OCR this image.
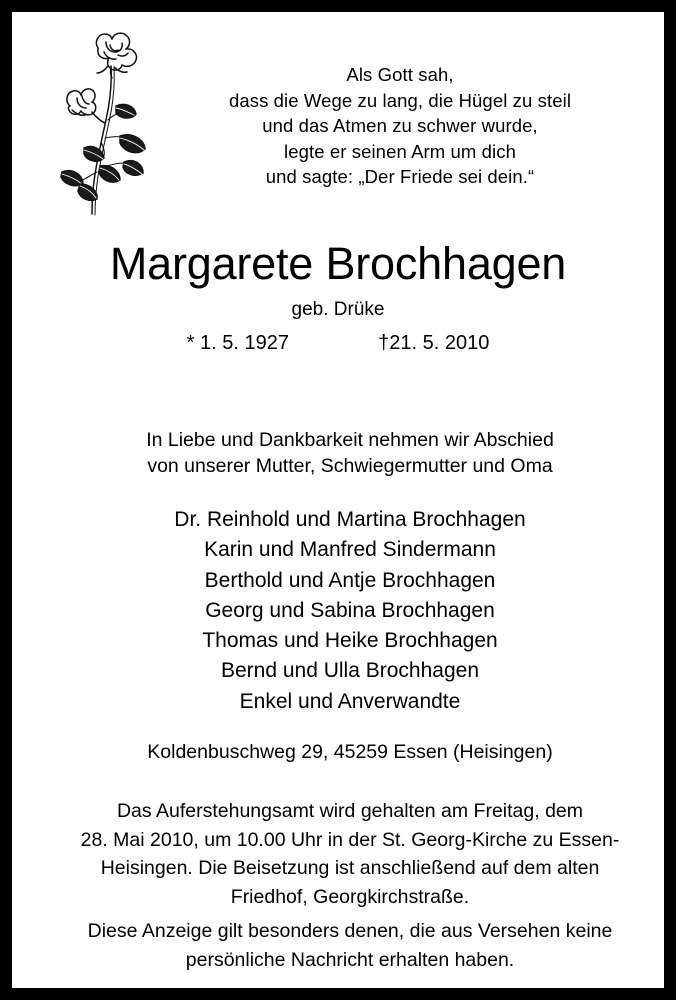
Als Gott sah,
dass die Wege zu lang, die Hügel zu steil
und das Atmen zu schwer wurde,
legte er seinen Arm um dich
und sagte: „Der Friede sei dein.“
Margarete Brochhagen
geb. Drüke
* 1. 5. 1927	†21. 5. 2010
In Liebe und Dankbarkeit nehmen wir Abschied
von unserer Mutter, Schwiegermutter und Oma
Dr. Reinhold und Martina Brochhagen
Karin und Manfred Sindermann
Berthold und Antje Brochhagen
Georg und Sabina Brochhagen
Thomas und Heike Brochhagen
Bernd und Ulla Brochhagen
Enkel und Anverwandte
Koldenbuschweg 29, 45259 Essen (Heisingen)
Das Auferstehungsamt wird gehalten am Freitag, dem
28. Mai 2010, um 10.00 Uhr in der St. Georg-Kirche zu Essen-
Heisingen. Die Beisetzung ist anschließend auf dem alten
Friedhof, Georgkirchstraße.
Diese Anzeige gilt besonders denen, die aus Versehen keine
persönliche Nachricht erhalten haben.
